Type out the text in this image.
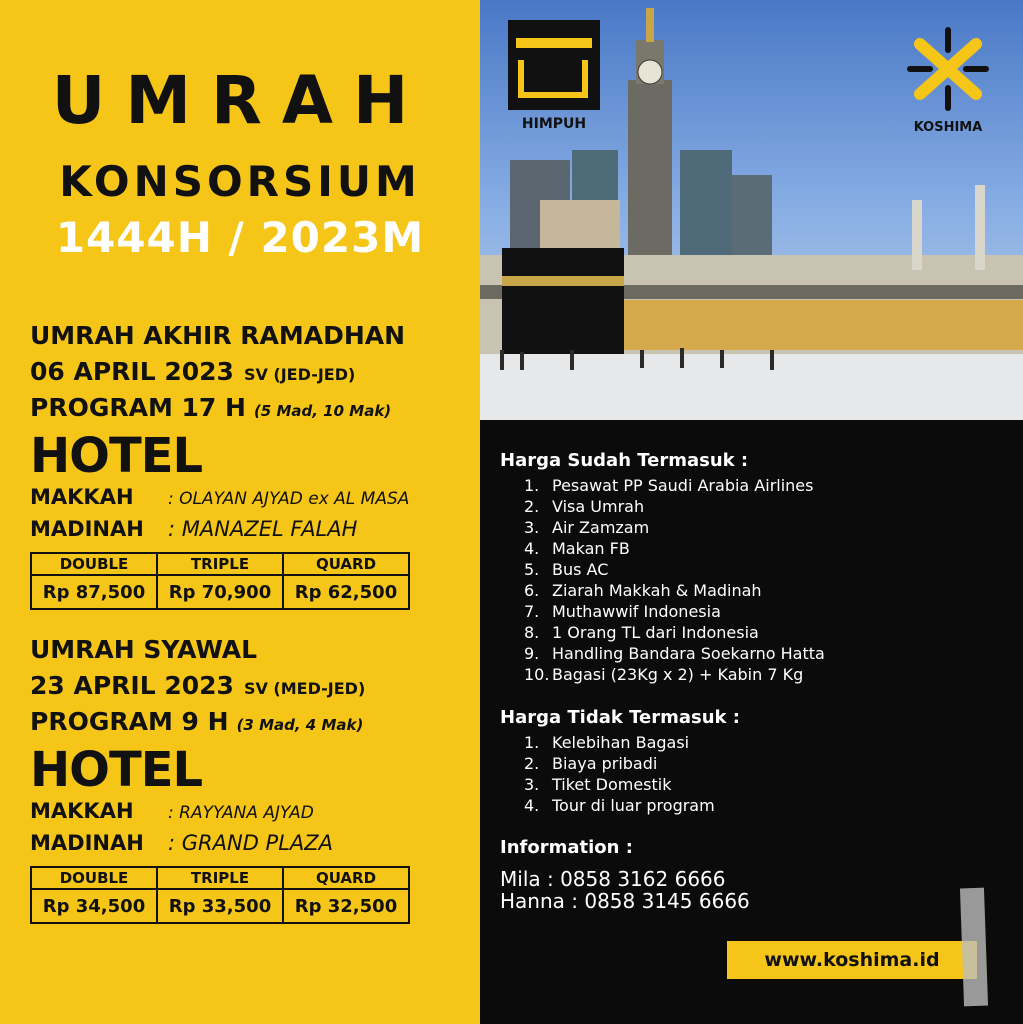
UMRAH
KONSORSIUM
1444H / 2023M
UMRAH AKHIR RAMADHAN
06 APRIL 2023 SV (JED-JED)
PROGRAM 17 H (5 Mad, 10 Mak)
HOTEL
MAKKAH : OLAYAN AJYAD ex AL MASA
MADINAH : MANAZEL FALAH
DOUBLE	TRIPLE	QUARD
Rp 87,500	Rp 70,900	Rp 62,500
UMRAH SYAWAL
23 APRIL 2023 SV (MED-JED)
PROGRAM 9 H (3 Mad, 4 Mak)
HOTEL
MAKKAH : RAYYANA AJYAD
MADINAH : GRAND PLAZA
DOUBLE	TRIPLE	QUARD
Rp 34,500	Rp 33,500	Rp 32,500
HIMPUH	KOSHIMA
Harga Sudah Termasuk :
1. Pesawat PP Saudi Arabia Airlines
2. Visa Umrah
3. Air Zamzam
4. Makan FB
5. Bus AC
6. Ziarah Makkah & Madinah
7. Muthawwif Indonesia
8. 1 Orang TL dari Indonesia
9. Handling Bandara Soekarno Hatta
10. Bagasi (23Kg x 2) + Kabin 7 Kg
Harga Tidak Termasuk :
1. Kelebihan Bagasi
2. Biaya pribadi
3. Tiket Domestik
4. Tour di luar program
Information :
Mila : 0858 3162 6666
Hanna : 0858 3145 6666
www.koshima.id
